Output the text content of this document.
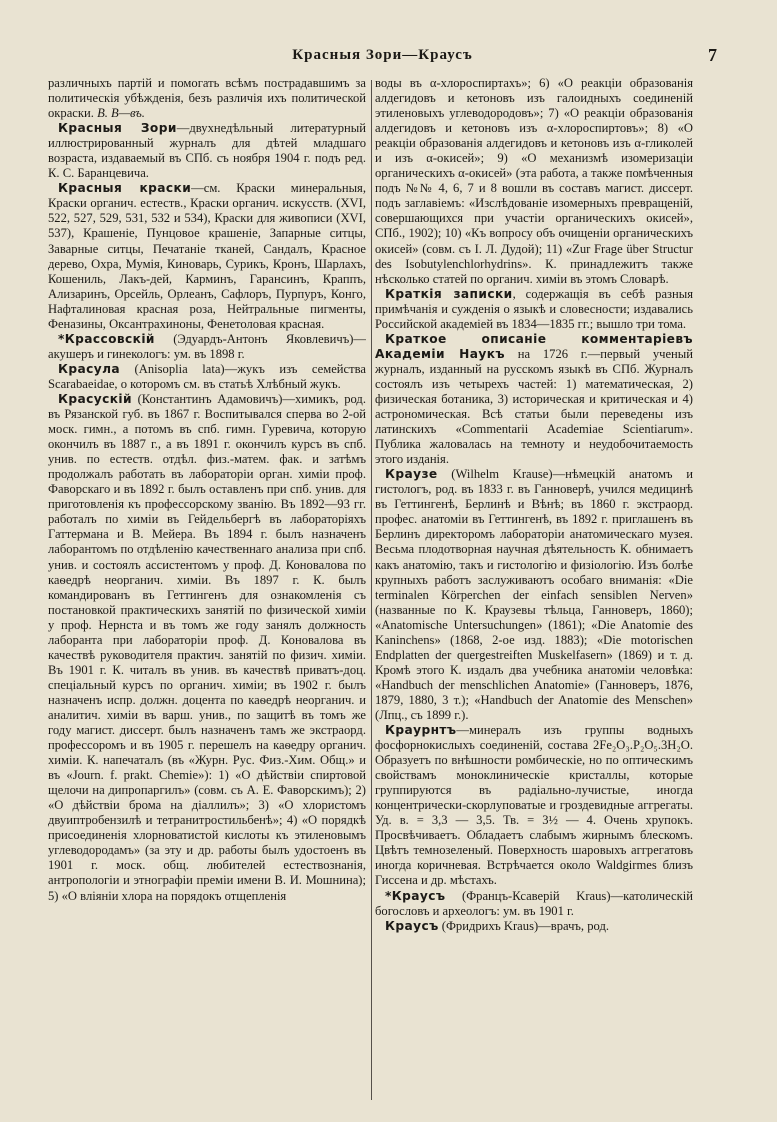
Красныя Зори—Краусъ	7

различныхъ партій и помогать всѣмъ пострадавшимъ за политическія убѣжденія, безъ различія ихъ политической окраски. В. В—въ.

Красныя Зори—двухнедѣльный литературный иллюстрированный журналъ для дѣтей младшаго возраста, издаваемый въ СПб. съ ноября 1904 г. подъ ред. К. С. Баранцевича.

Красныя краски—см. Краски минеральныя, Краски органич. естеств., Краски органич. искусств. (XVI, 522, 527, 529, 531, 532 и 534), Краски для живописи (XVI, 537), Крашеніе, Пунцовое крашеніе, Запарные ситцы, Заварные ситцы, Печатаніе тканей, Сандалъ, Красное дерево, Охра, Мумія, Киноварь, Сурикъ, Кронъ, Шарлахъ, Кошениль, Лакъ-дей, Карминъ, Гарансинъ, Краппъ, Ализаринъ, Орсейль, Орлеанъ, Сафлоръ, Пурпуръ, Конго, Нафталиновая красная роза, Нейтральные пигменты, Феназины, Оксантрахиноны, Фенетоловая красная.

*Крассовскій (Эдуардъ-Антонъ Яковлевичъ)—акушеръ и гинекологъ: ум. въ 1898 г.

Красула (Anisoplia lata)—жукъ изъ семейства Scarabaeidae, о которомъ см. въ статьѣ Хлѣбный жукъ.

Красускій (Константинъ Адамовичъ)—химикъ, род. въ Рязанской губ. въ 1867 г. Воспитывался сперва во 2-ой моск. гимн., а потомъ въ спб. гимн. Гуревича, которую окончилъ въ 1887 г., а въ 1891 г. окончилъ курсъ въ спб. унив. по естеств. отдѣл. физ.-матем. фак. и затѣмъ продолжалъ работать въ лабораторіи орган. химіи проф. Фаворскаго и въ 1892 г. былъ оставленъ при спб. унив. для приготовленія къ профессорскому званію. Въ 1892—93 гг. работалъ по химіи въ Гейдельбергѣ въ лабораторіяхъ Гаттермана и В. Мейера. Въ 1894 г. былъ назначенъ лаборантомъ по отдѣленію качественнаго анализа при спб. унив. и состоялъ ассистентомъ у проф. Д. Коновалова по каѳедрѣ неорганич. химіи. Въ 1897 г. К. былъ командированъ въ Геттингенъ для ознакомленія съ постановкой практическихъ занятій по физической химіи у проф. Нернста и въ томъ же году занялъ должность лаборанта при лабораторіи проф. Д. Коновалова въ качествѣ руководителя практич. занятій по физич. химіи. Въ 1901 г. К. читалъ въ унив. въ качествѣ приватъ-доц. спеціальный курсъ по органич. химіи; въ 1902 г. былъ назначенъ испр. должн. доцента по каѳедрѣ неорганич. и аналитич. химіи въ варш. унив., по защитѣ въ томъ же году магист. диссерт. былъ назначенъ тамъ же экстраорд. профессоромъ и въ 1905 г. перешелъ на каѳедру органич. химіи. К. напечаталъ (въ «Журн. Рус. Физ.-Хим. Общ.» и въ «Journ. f. prakt. Chemie»): 1) «О дѣйствіи спиртовой щелочи на дипропаргилъ» (совм. съ А. Е. Фаворскимъ); 2) «О дѣйствіи брома на діаллилъ»; 3) «О хлористомъ двуиптробензилѣ и тетранитростильбенѣ»; 4) «О порядкѣ присоединенія хлорноватистой кислоты къ этиленовымъ углеводородамъ» (за эту и др. работы былъ удостоенъ въ 1901 г. моск. общ. любителей естествознанія, антропологіи и этнографіи преміи имени В. И. Мошнина); 5) «О вліяніи хлора на порядокъ отщепленія

воды въ α-хлороспиртахъ»; 6) «О реакціи образованія алдегидовъ и кетоновъ изъ галоидныхъ соединеній этиленовыхъ углеводородовъ»; 7) «О реакціи образованія алдегидовъ и кетоновъ изъ α-хлороспиртовъ»; 8) «О реакціи образованія алдегидовъ и кетоновъ изъ α-гликолей и изъ α-окисей»; 9) «О механизмѣ изомеризаціи органическихъ α-окисей» (эта работа, а также помѣченныя подъ №№ 4, 6, 7 и 8 вошли въ составъ магист. диссерт. подъ заглавіемъ: «Изслѣдованіе изомерныхъ превращеній, совершающихся при участіи органическихъ окисей», СПб., 1902); 10) «Къ вопросу объ очищеніи органическихъ окисей» (совм. съ I. Л. Дудой); 11) «Zur Frage über Structur des Isobutylenchlorhydrins». К. принадлежитъ также нѣсколько статей по органич. химіи въ этомъ Словарѣ.

Краткія записки, содержащія въ себѣ разныя примѣчанія и сужденія о языкѣ и словесности; издавались Российской академіей въ 1834—1835 гг.; вышло три тома.

Краткое описаніе комментаріевъ Академіи Наукъ на 1726 г.—первый ученый журналъ, изданный на русскомъ языкѣ въ СПб. Журналъ состоялъ изъ четырехъ частей: 1) математическая, 2) физическая ботаника, 3) историческая и критическая и 4) астрономическая. Всѣ статьи были переведены изъ латинскихъ «Commentarii Academiae Scientiarum». Публика жаловалась на темноту и неудобочитаемость этого изданія.

Краузе (Wilhelm Krause)—нѣмецкій анатомъ и гистологъ, род. въ 1833 г. въ Ганноверѣ, учился медицинѣ въ Геттингенѣ, Берлинѣ и Вѣнѣ; въ 1860 г. экстраорд. профес. анатоміи въ Геттингенѣ, въ 1892 г. приглашенъ въ Берлинъ директоромъ лабораторіи анатомическаго музея. Весьма плодотворная научная дѣятельность К. обнимаетъ какъ анатомію, такъ и гистологію и физіологію. Изъ болѣе крупныхъ работъ заслуживаютъ особаго вниманія: «Die terminalen Körperchen der einfach sensiblen Nerven» (названные по К. Краузевы тѣльца, Ганноверъ, 1860); «Anatomische Untersuchungen» (1861); «Die Anatomie des Kaninchens» (1868, 2-ое изд. 1883); «Die motorischen Endplatten der quergestreiften Muskelfasern» (1869) и т. д. Кромѣ этого К. издалъ два учебника анатоміи человѣка: «Handbuch der menschlichen Anatomie» (Ганноверъ, 1876, 1879, 1880, 3 т.); «Handbuch der Anatomie des Menschen» (Лпц., съ 1899 г.).

Краурнтъ—минералъ изъ группы водныхъ фосфорнокислыхъ соединеній, состава 2Fe₂O₃.P₂O₅.3H₂O. Образуетъ по внѣшности ромбическіе, но по оптическимъ свойствамъ моноклиническіе кристаллы, которые группируются въ радіально-лучистые, иногда концентрически-скорлуповатые и гроздевидные аггрегаты. Уд. в. = 3,3 — 3,5. Тв. = 3½ — 4. Очень хрупокъ. Просвѣчиваетъ. Обладаетъ слабымъ жирнымъ блескомъ. Цвѣтъ темнозеленый. Поверхность шаровыхъ аггрегатовъ иногда коричневая. Встрѣчается около Waldgirmes близъ Гиссена и др. мѣстахъ.

*Краусъ (Францъ-Ксаверій Kraus)—католическій богословъ и археологъ: ум. въ 1901 г.

Краусъ (Фридрихъ Kraus)—врачъ, род.
